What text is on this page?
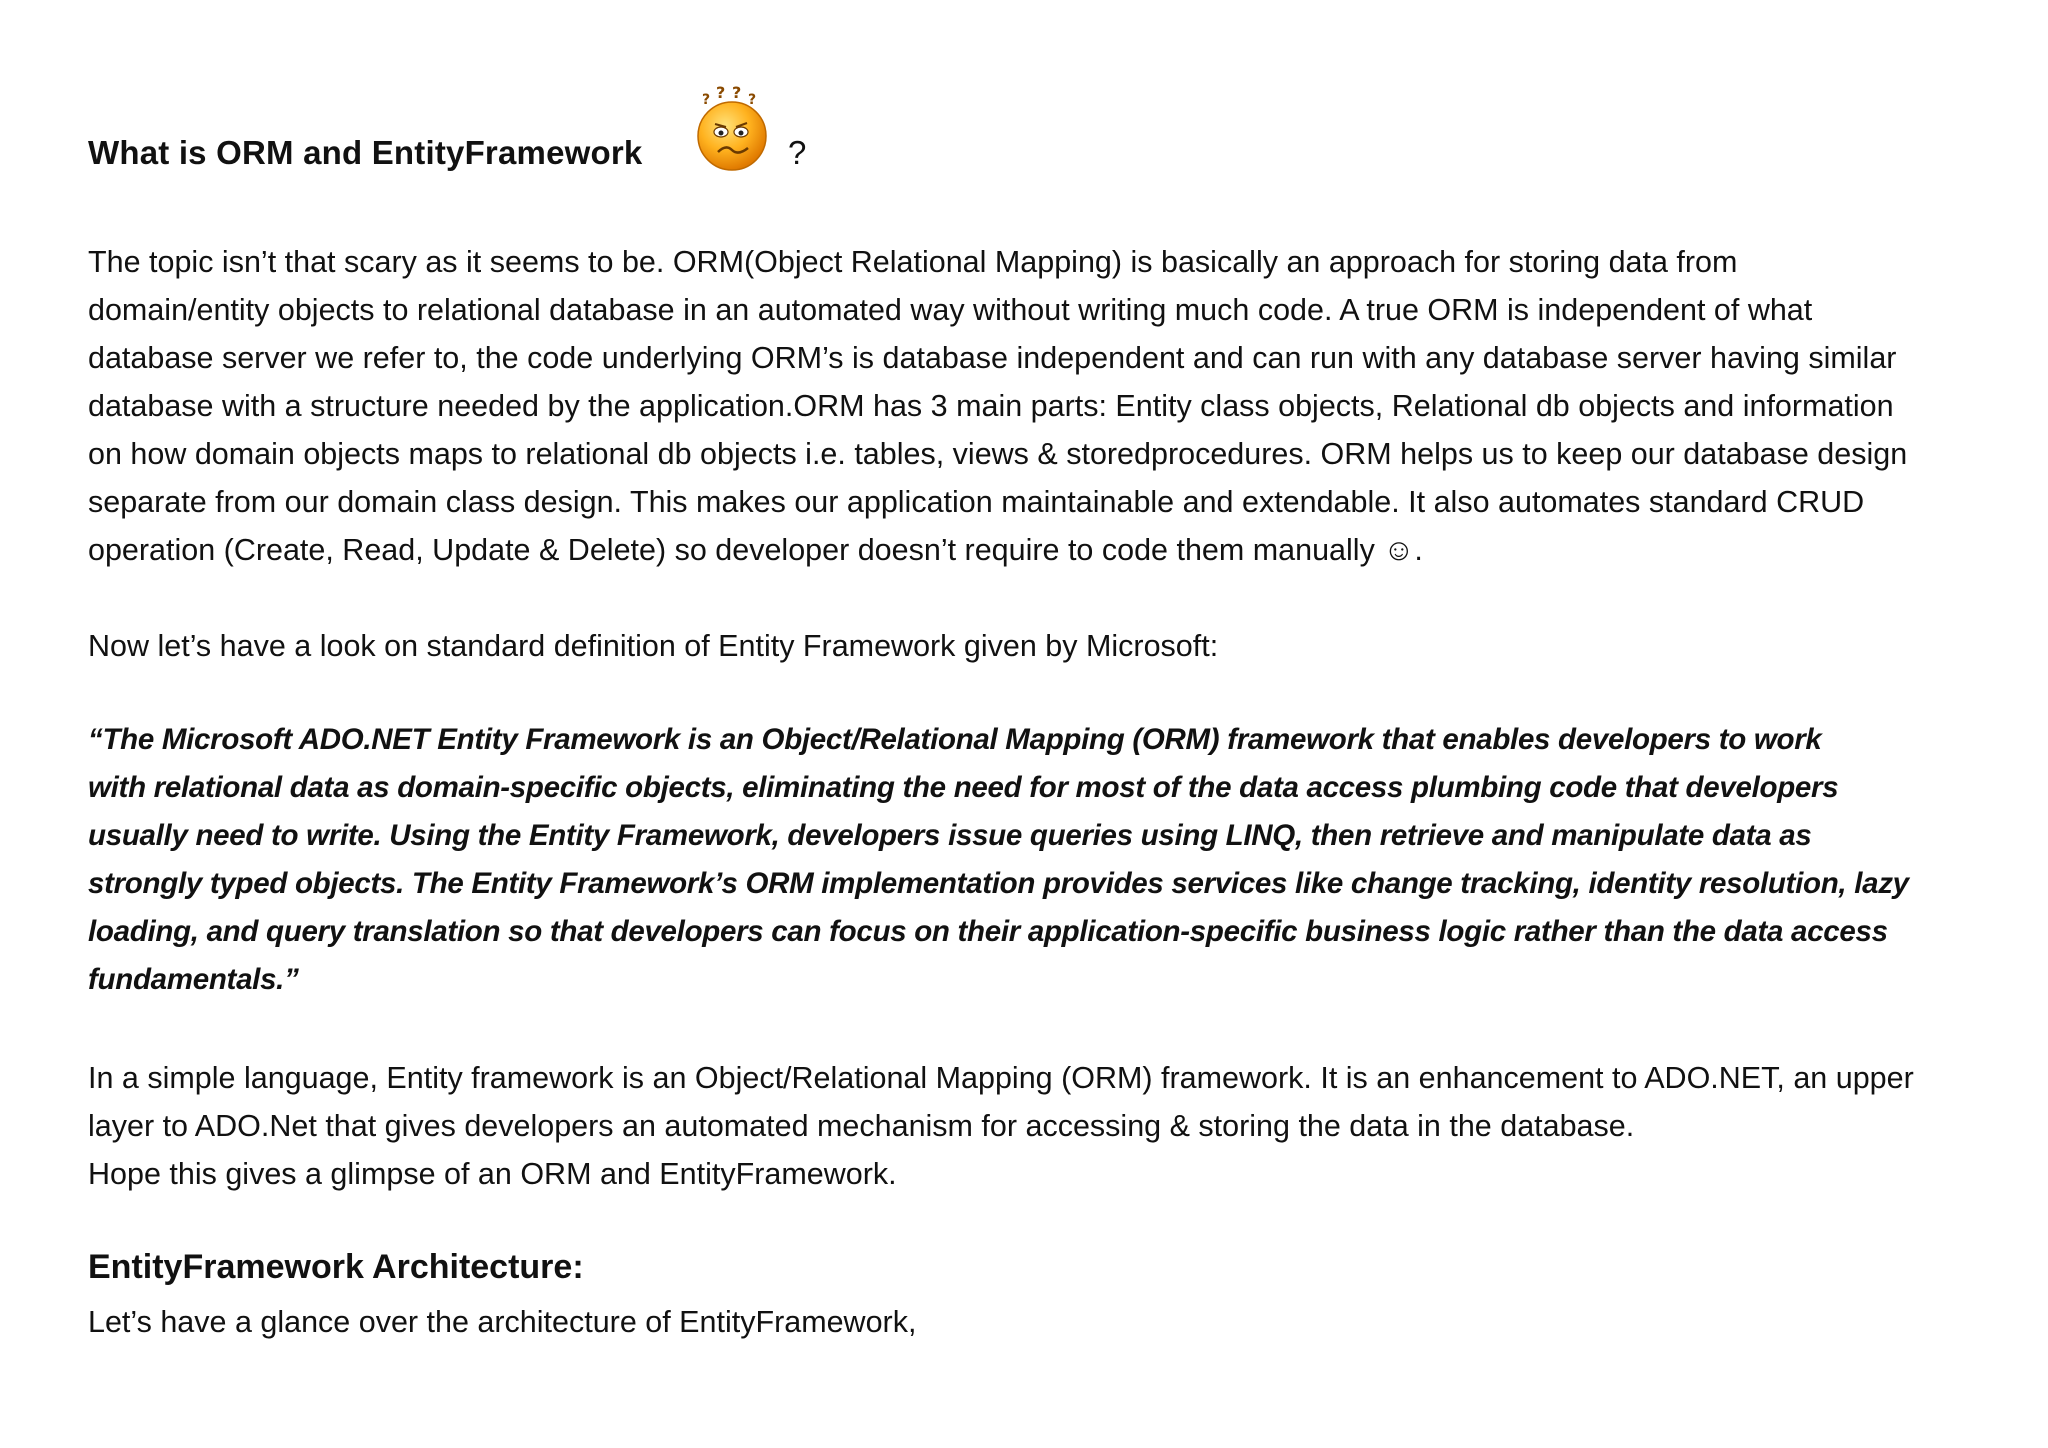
What is ORM and EntityFramework
? ? ? ?
?
The topic isn’t that scary as it seems to be. ORM(Object Relational Mapping) is basically an approach for storing data from
domain/entity objects to relational database in an automated way without writing much code. A true ORM is independent of what
database server we refer to, the code underlying ORM’s is database independent and can run with any database server having similar
database with a structure needed by the application.ORM has 3 main parts: Entity class objects, Relational db objects and information
on how domain objects maps to relational db objects i.e. tables, views & storedprocedures. ORM helps us to keep our database design
separate from our domain class design. This makes our application maintainable and extendable. It also automates standard CRUD
operation (Create, Read, Update & Delete) so developer doesn’t require to code them manually ☺.
Now let’s have a look on standard definition of Entity Framework given by Microsoft:
“The Microsoft ADO.NET Entity Framework is an Object/Relational Mapping (ORM) framework that enables developers to work
with relational data as domain-specific objects, eliminating the need for most of the data access plumbing code that developers
usually need to write. Using the Entity Framework, developers issue queries using LINQ, then retrieve and manipulate data as
strongly typed objects. The Entity Framework’s ORM implementation provides services like change tracking, identity resolution, lazy
loading, and query translation so that developers can focus on their application-specific business logic rather than the data access
fundamentals.”
In a simple language, Entity framework is an Object/Relational Mapping (ORM) framework. It is an enhancement to ADO.NET, an upper
layer to ADO.Net that gives developers an automated mechanism for accessing & storing the data in the database.
Hope this gives a glimpse of an ORM and EntityFramework.
EntityFramework Architecture:
Let’s have a glance over the architecture of EntityFramework,
